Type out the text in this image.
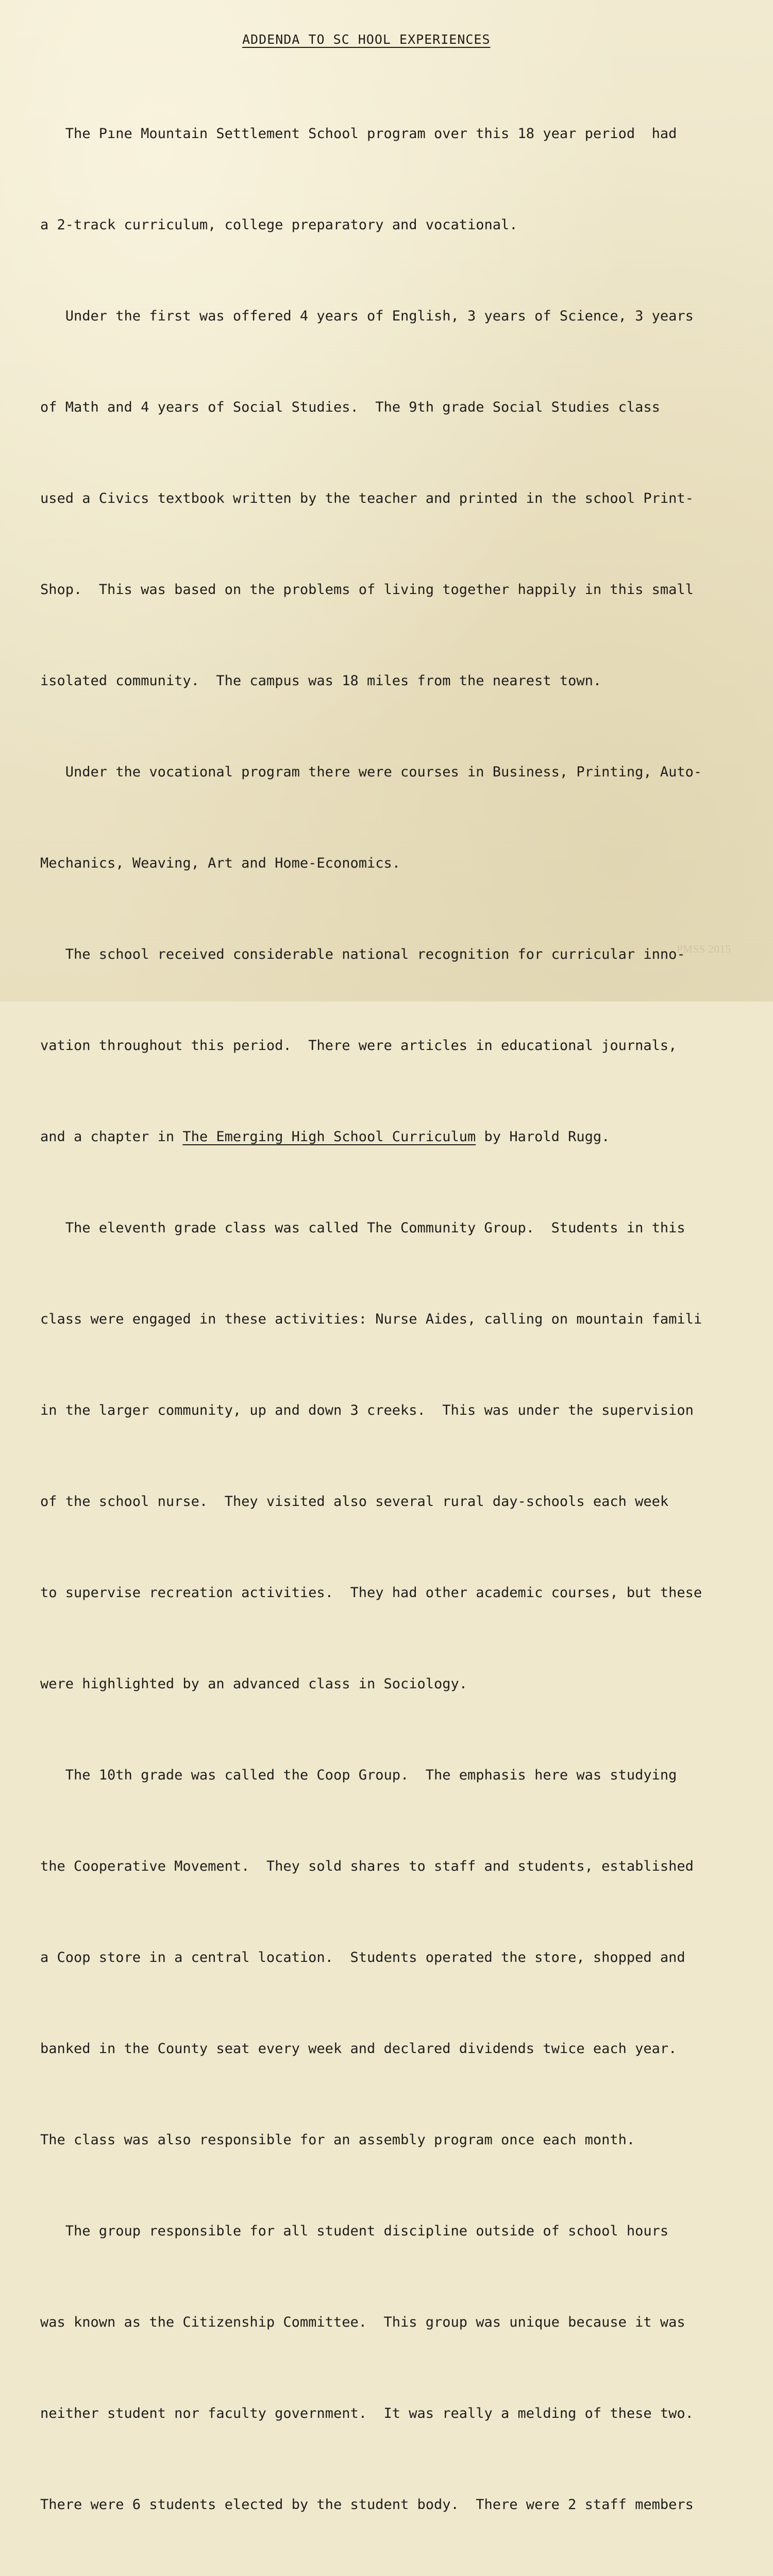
ADDENDA TO SC HOOL EXPERIENCES

The Pıne Mountain Settlement School program over this 18 year period  had

a 2-track curriculum, college preparatory and vocational.

Under the first was offered 4 years of English, 3 years of Science, 3 years

of Math and 4 years of Social Studies.  The 9th grade Social Studies class

used a Civics textbook written by the teacher and printed in the school Print-

Shop.  This was based on the problems of living together happily in this small

isolated community.  The campus was 18 miles from the nearest town.

Under the vocational program there were courses in Business, Printing, Auto-

Mechanics, Weaving, Art and Home-Economics.

The school received considerable national recognition for curricular inno-

vation throughout this period.  There were articles in educational journals,

and a chapter in The Emerging High School Curriculum by Harold Rugg.

The eleventh grade class was called The Community Group.  Students in this

class were engaged in these activities: Nurse Aides, calling on mountain famili

in the larger community, up and down 3 creeks.  This was under the supervision

of the school nurse.  They visited also several rural day-schools each week

to supervise recreation activities.  They had other academic courses, but these

were highlighted by an advanced class in Sociology.

The 10th grade was called the Coop Group.  The emphasis here was studying

the Cooperative Movement.  They sold shares to staff and students, established

a Coop store in a central location.  Students operated the store, shopped and

banked in the County seat every week and declared dividends twice each year.

The class was also responsible for an assembly program once each month.

The group responsible for all student discipline outside of school hours

was known as the Citizenship Committee.  This group was unique because it was

neither student nor faculty government.  It was really a melding of these two.

There were 6 students elected by the student body.  There were 2 staff members

PMSS 2015
